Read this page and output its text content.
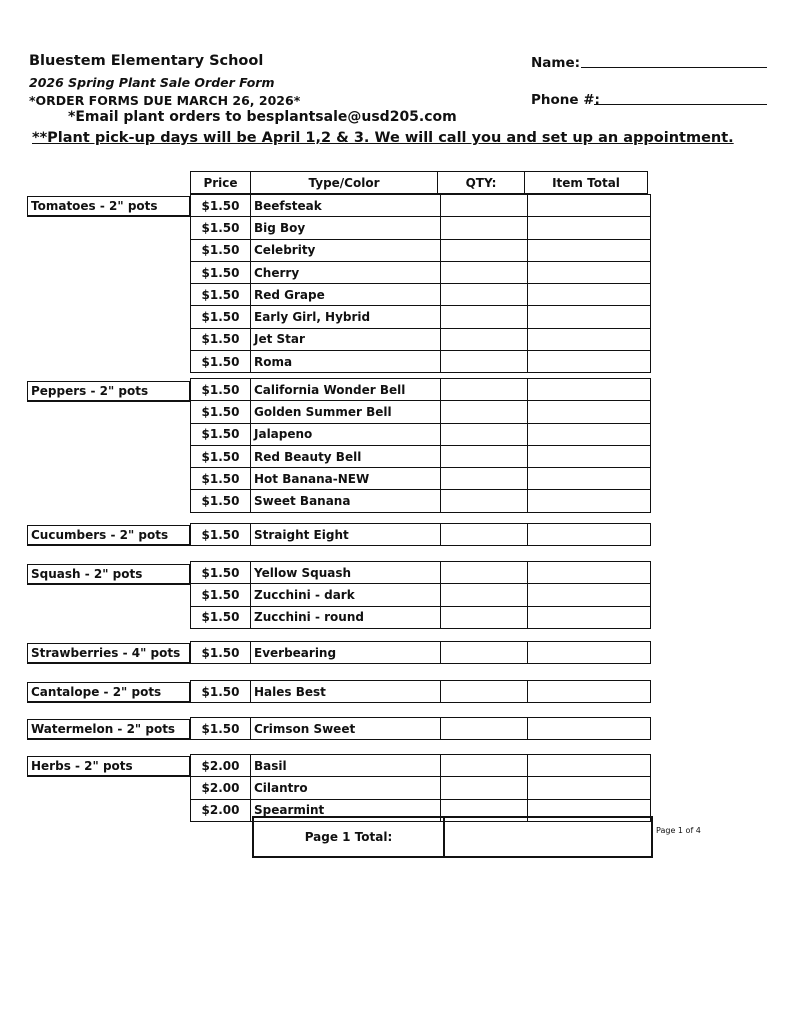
Bluestem Elementary School
2026 Spring Plant Sale Order Form
*ORDER FORMS DUE MARCH 26, 2026*
*Email plant orders to besplantsale@usd205.com
**Plant pick-up days will be April 1,2 & 3. We will call you and set up an appointment.
Name:
Phone #:
Price	Type/Color	QTY:	Item Total
Tomatoes - 2" pots	$1.50	Beefsteak		
$1.50	Big Boy		
$1.50	Celebrity		
$1.50	Cherry		
$1.50	Red Grape		
$1.50	Early Girl, Hybrid		
$1.50	Jet Star		
$1.50	Roma		
Peppers - 2" pots	$1.50	California Wonder Bell		
$1.50	Golden Summer Bell		
$1.50	Jalapeno		
$1.50	Red Beauty Bell		
$1.50	Hot Banana-NEW		
$1.50	Sweet Banana		
Cucumbers - 2" pots	$1.50	Straight Eight		
Squash - 2" pots	$1.50	Yellow Squash		
$1.50	Zucchini - dark		
$1.50	Zucchini - round		
Strawberries - 4" pots	$1.50	Everbearing		
Cantalope - 2" pots	$1.50	Hales Best		
Watermelon - 2" pots	$1.50	Crimson Sweet		
Herbs - 2" pots	$2.00	Basil		
$2.00	Cilantro		
$2.00	Spearmint		
Page 1 Total:	Page 1 of 4
